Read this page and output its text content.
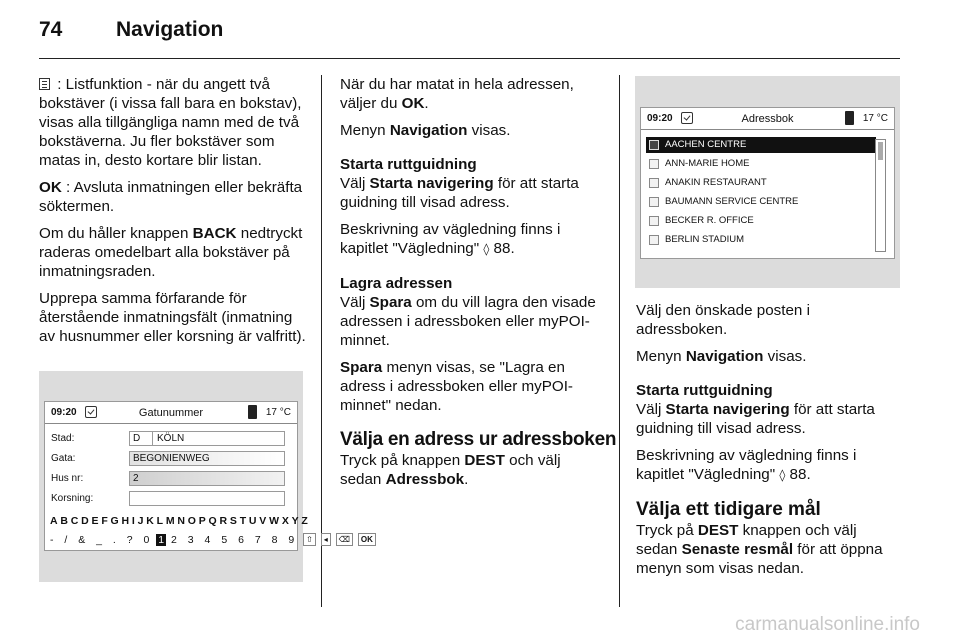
74	Navigation
: Listfunktion - när du angett två bokstäver (i vissa fall bara en bokstav), visas alla tillgängliga namn med de två bokstäverna. Ju fler bokstäver som matas in, desto kortare blir listan.
OK : Avsluta inmatningen eller bekräfta söktermen.
Om du håller knappen BACK nedtryckt raderas omedelbart alla bokstäver på inmatningsraden.
Upprepa samma förfarande för återstående inmatningsfält (inmatning av husnummer eller korsning är valfritt).
09:20	Gatunummer	17 °C
Stad:	D KÖLN
Gata:	BEGONIENWEG
Hus nr:	2
Korsning:
ABCDEFGHIJKLMNOPQRSTUVWXYZ
- / & _ . ? 0 1 2 3 4 5 6 7 8 9 ⇧ ◂ ⌫ OK
När du har matat in hela adressen, väljer du OK.
Menyn Navigation visas.
Starta ruttguidning
Välj Starta navigering för att starta guidning till visad adress.
Beskrivning av vägledning finns i kapitlet "Vägledning" ◊ 88.
Lagra adressen
Välj Spara om du vill lagra den visade adressen i adressboken eller myPOI-minnet.
Spara menyn visas, se "Lagra en adress i adressboken eller myPOI-minnet" nedan.
Välja en adress ur adressboken
Tryck på knappen DEST och välj sedan Adressbok.
09:20	Adressbok	17 °C
AACHEN CENTRE
ANN-MARIE HOME
ANAKIN RESTAURANT
BAUMANN SERVICE CENTRE
BECKER R. OFFICE
BERLIN STADIUM
Välj den önskade posten i adressboken.
Menyn Navigation visas.
Starta ruttguidning
Välj Starta navigering för att starta guidning till visad adress.
Beskrivning av vägledning finns i kapitlet "Vägledning" ◊ 88.
Välja ett tidigare mål
Tryck på DEST knappen och välj sedan Senaste resmål för att öppna menyn som visas nedan.
carmanualsonline.info
